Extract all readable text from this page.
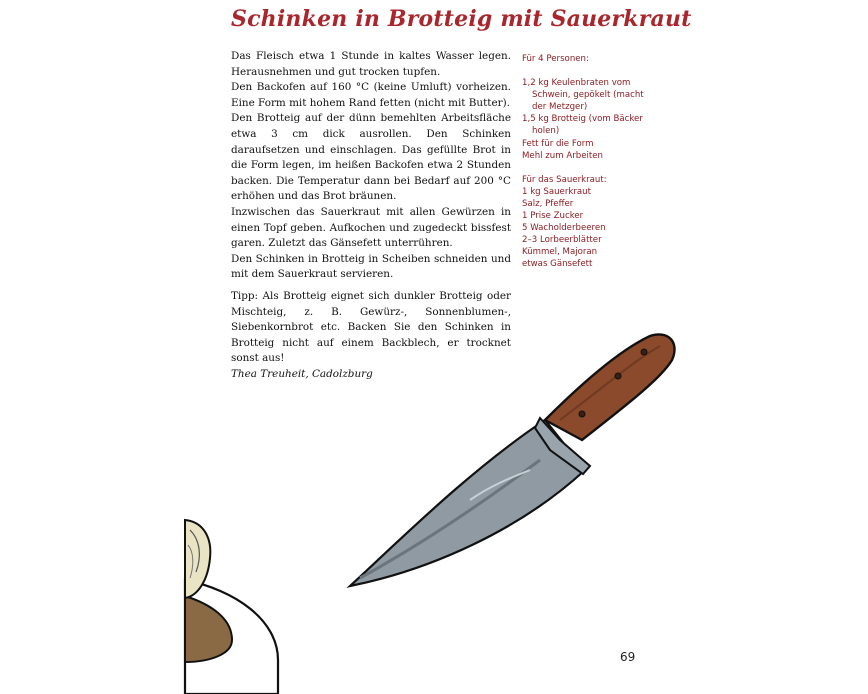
Schinken in Brotteig mit Sauerkraut

Das Fleisch etwa 1 Stunde in kaltes Wasser legen. Herausnehmen und gut trocken tupfen.

Den Backofen auf 160 °C (keine Umluft) vorheizen. Eine Form mit hohem Rand fetten (nicht mit Butter).

Den Brotteig auf der dünn bemehlten Arbeitsfläche etwa 3 cm dick ausrollen. Den Schinken daraufsetzen und einschlagen. Das gefüllte Brot in die Form legen, im heißen Backofen etwa 2 Stunden backen. Die Temperatur dann bei Bedarf auf 200 °C erhöhen und das Brot bräunen.

Inzwischen das Sauerkraut mit allen Gewürzen in einen Topf geben. Aufkochen und zugedeckt bissfest garen. Zuletzt das Gänsefett unterrühren.

Den Schinken in Brotteig in Scheiben schneiden und mit dem Sauerkraut servieren.

Tipp: Als Brotteig eignet sich dunkler Brotteig oder Mischteig, z. B. Gewürz-, Sonnenblumen-, Siebenkornbrot etc. Backen Sie den Schinken in Brotteig nicht auf einem Backblech, er trocknet sonst aus!
Thea Treuheit, Cadolzburg
Für 4 Personen:
1,2 kg Keulenbraten vom Schwein, gepökelt (macht der Metzger)
1,5 kg Brotteig (vom Bäcker holen)
Fett für die Form
Mehl zum Arbeiten
Für das Sauerkraut:
1 kg Sauerkraut
Salz, Pfeffer
1 Prise Zucker
5 Wacholderbeeren
2–3 Lorbeerblätter
Kümmel, Majoran
etwas Gänsefett
69
